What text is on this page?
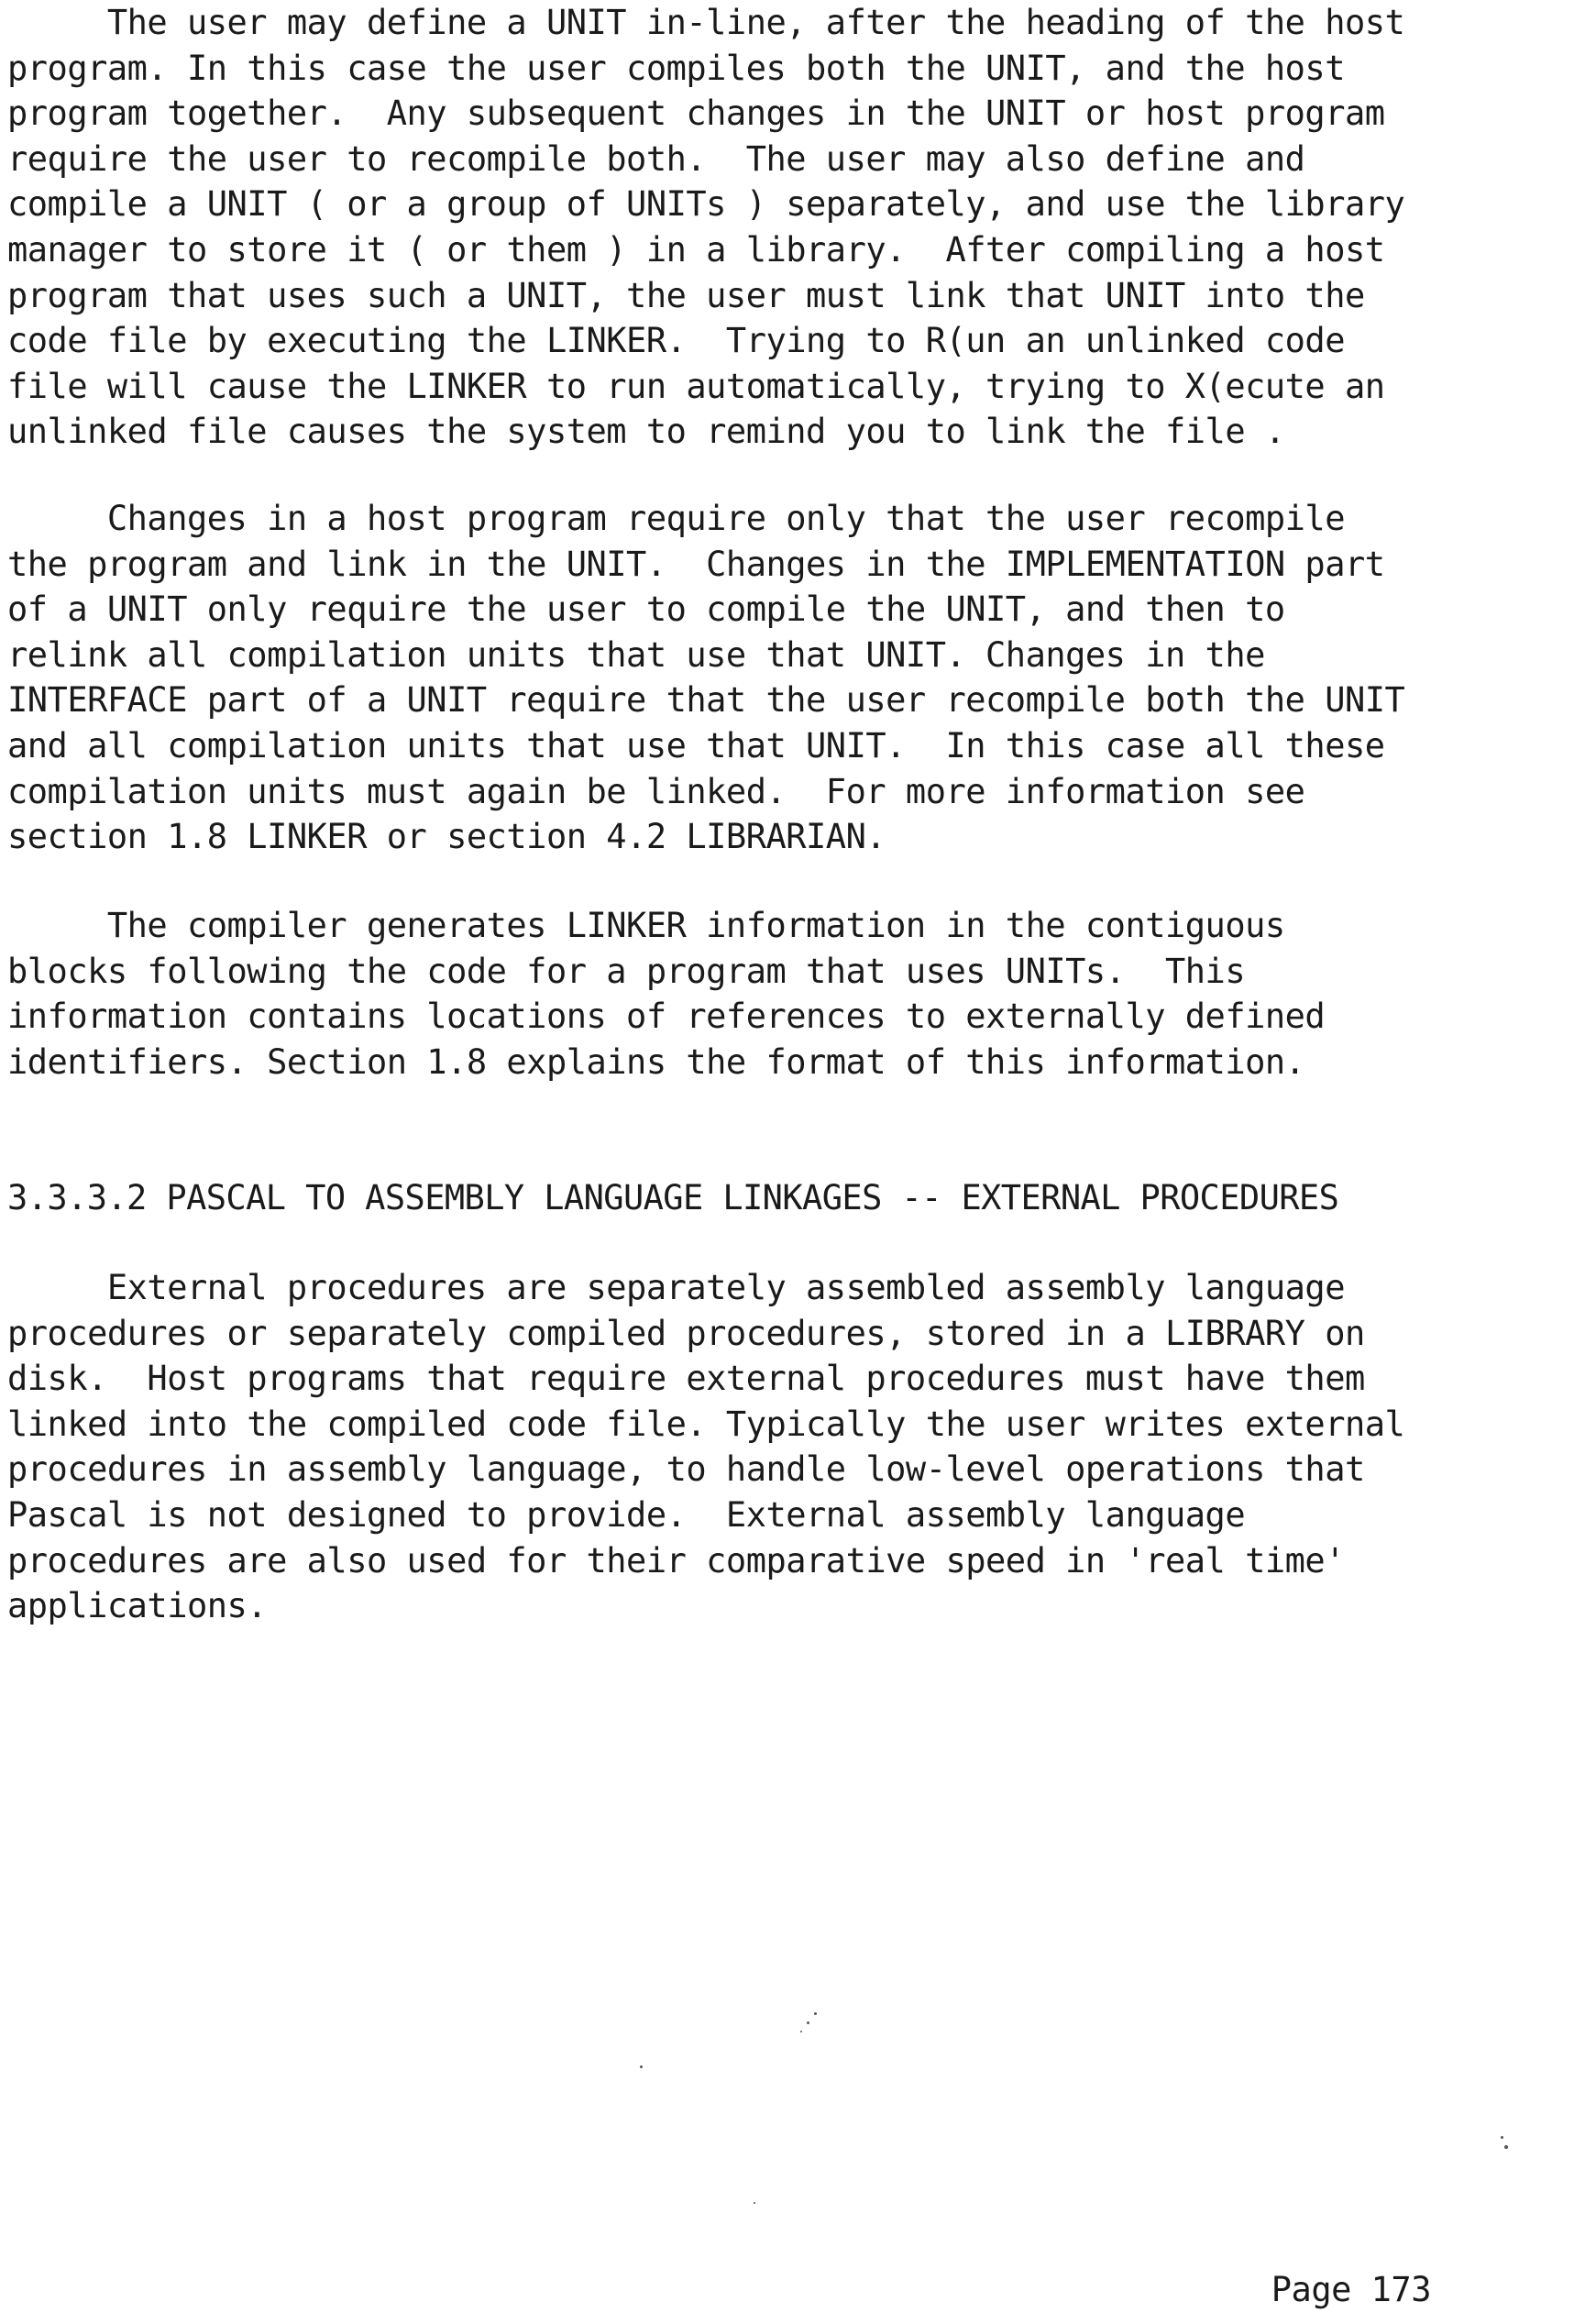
The user may define a UNIT in-line, after the heading of the host
program. In this case the user compiles both the UNIT, and the host
program together.  Any subsequent changes in the UNIT or host program
require the user to recompile both.  The user may also define and
compile a UNIT ( or a group of UNITs ) separately, and use the library
manager to store it ( or them ) in a library.  After compiling a host
program that uses such a UNIT, the user must link that UNIT into the
code file by executing the LINKER.  Trying to R(un an unlinked code
file will cause the LINKER to run automatically, trying to X(ecute an
unlinked file causes the system to remind you to link the file .

Changes in a host program require only that the user recompile
the program and link in the UNIT.  Changes in the IMPLEMENTATION part
of a UNIT only require the user to compile the UNIT, and then to
relink all compilation units that use that UNIT. Changes in the
INTERFACE part of a UNIT require that the user recompile both the UNIT
and all compilation units that use that UNIT.  In this case all these
compilation units must again be linked.  For more information see
section 1.8 LINKER or section 4.2 LIBRARIAN.

The compiler generates LINKER information in the contiguous
blocks following the code for a program that uses UNITs.  This
information contains locations of references to externally defined
identifiers. Section 1.8 explains the format of this information.

3.3.3.2 PASCAL TO ASSEMBLY LANGUAGE LINKAGES -- EXTERNAL PROCEDURES

External procedures are separately assembled assembly language
procedures or separately compiled procedures, stored in a LIBRARY on
disk.  Host programs that require external procedures must have them
linked into the compiled code file. Typically the user writes external
procedures in assembly language, to handle low-level operations that
Pascal is not designed to provide.  External assembly language
procedures are also used for their comparative speed in 'real time'
applications.

Page 173
